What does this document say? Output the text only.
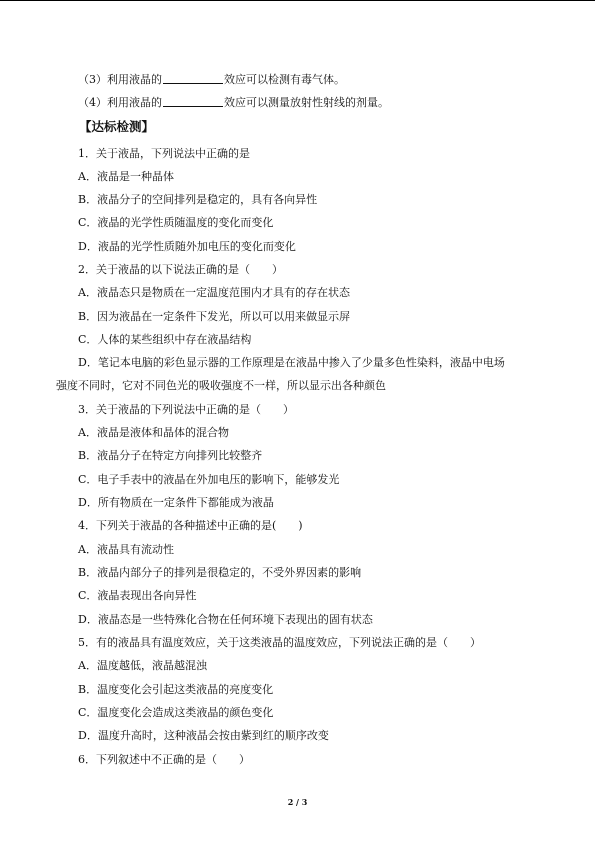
（3）利用液晶的	效应可以检测有毒气体。
（4）利用液晶的	效应可以测量放射性射线的剂量。
【达标检测】
1．关于液晶，下列说法中正确的是
A．液晶是一种晶体
B．液晶分子的空间排列是稳定的，具有各向异性
C．液晶的光学性质随温度的变化而变化
D．液晶的光学性质随外加电压的变化而变化
2．关于液晶的以下说法正确的是（　　）
A．液晶态只是物质在一定温度范围内才具有的存在状态
B．因为液晶在一定条件下发光，所以可以用来做显示屏
C．人体的某些组织中存在液晶结构
D．笔记本电脑的彩色显示器的工作原理是在液晶中掺入了少量多色性染料，液晶中电场
强度不同时，它对不同色光的吸收强度不一样，所以显示出各种颜色
3．关于液晶的下列说法中正确的是（　　）
A．液晶是液体和晶体的混合物
B．液晶分子在特定方向排列比较整齐
C．电子手表中的液晶在外加电压的影响下，能够发光
D．所有物质在一定条件下都能成为液晶
4．下列关于液晶的各种描述中正确的是(　　)
A．液晶具有流动性
B．液晶内部分子的排列是很稳定的，不受外界因素的影响
C．液晶表现出各向异性
D．液晶态是一些特殊化合物在任何环境下表现出的固有状态
5．有的液晶具有温度效应，关于这类液晶的温度效应，下列说法正确的是（　　）
A．温度越低，液晶越混浊
B．温度变化会引起这类液晶的亮度变化
C．温度变化会造成这类液晶的颜色变化
D．温度升高时，这种液晶会按由紫到红的顺序改变
6．下列叙述中不正确的是（　　）
2 / 3
